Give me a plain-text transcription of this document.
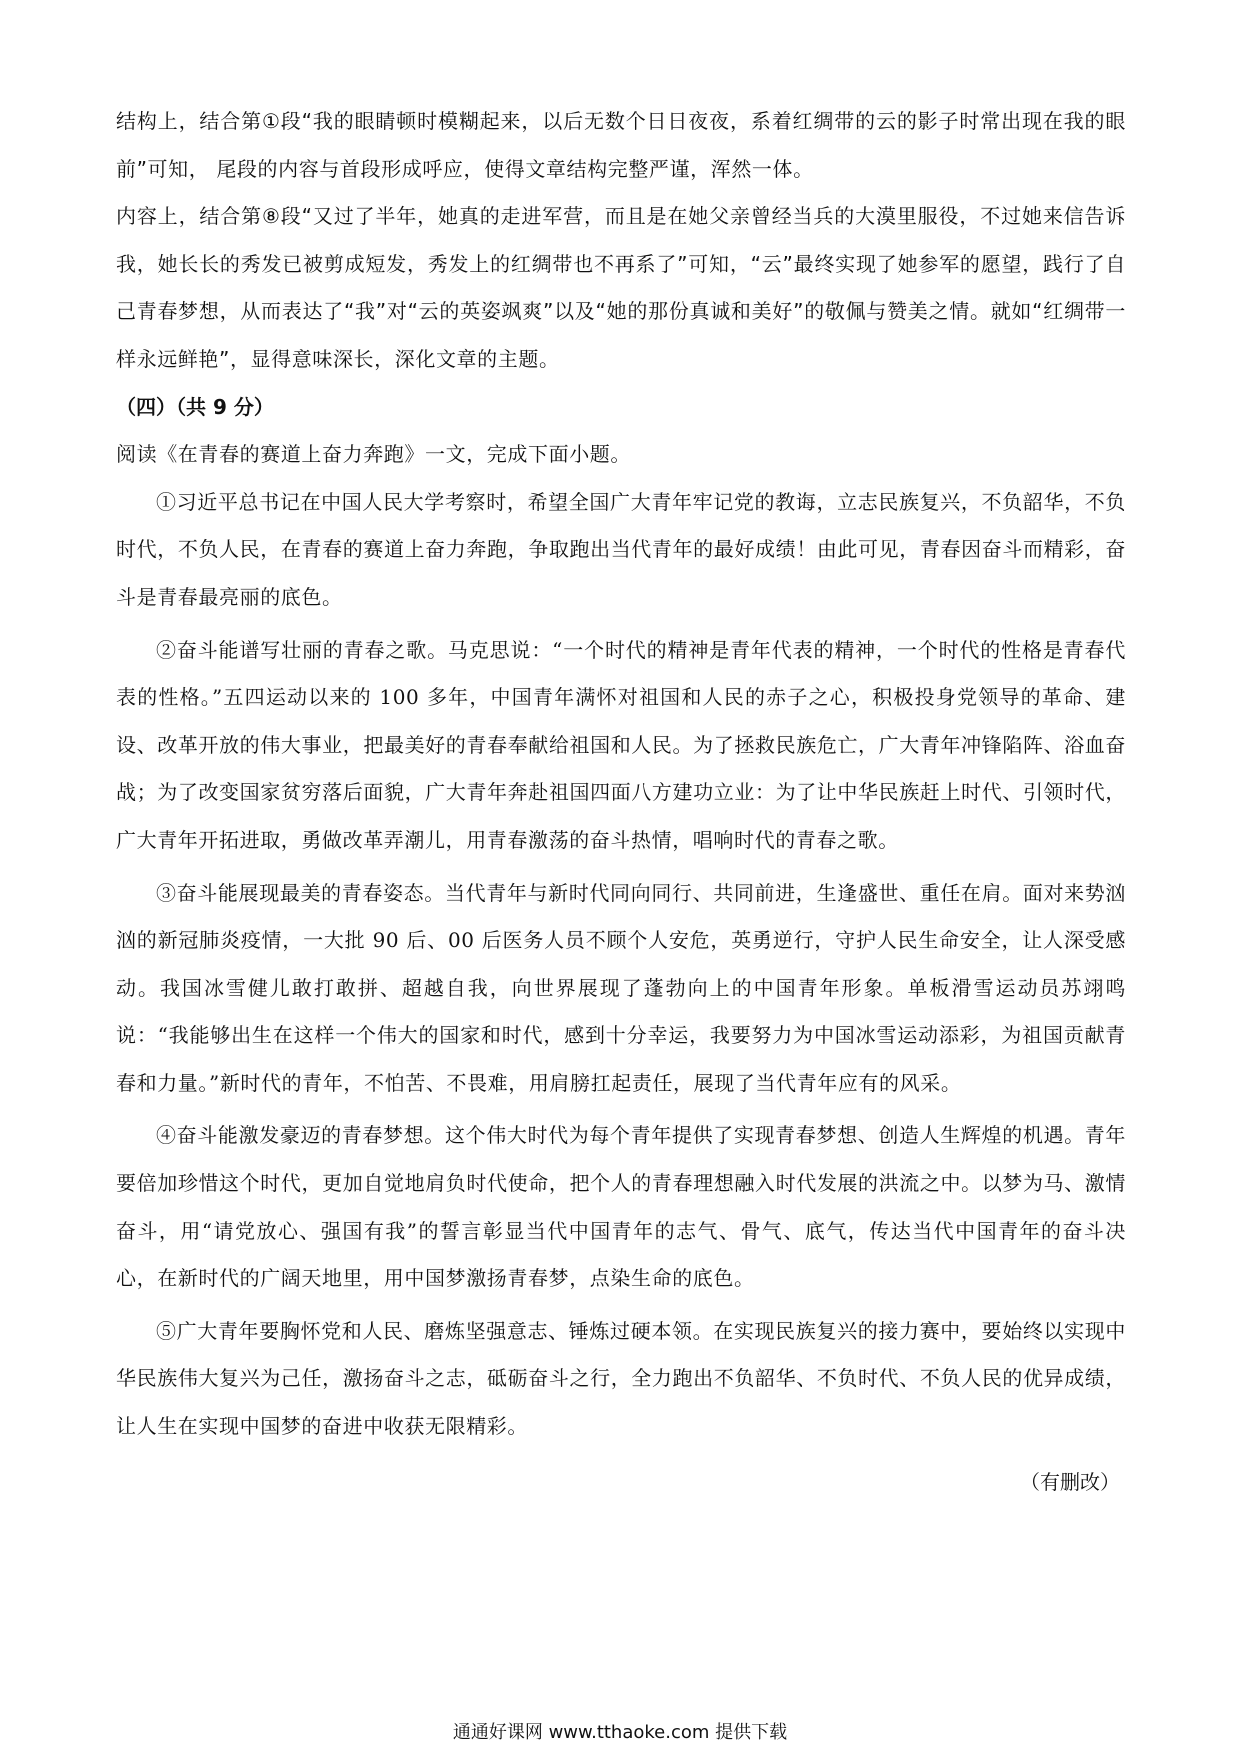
结构上，结合第①段“我的眼睛顿时模糊起来，以后无数个日日夜夜，系着红绸带的云的影子时常出现在我的眼前”可知， 尾段的内容与首段形成呼应，使得文章结构完整严谨，浑然一体。

内容上，结合第⑧段“又过了半年，她真的走进军营，而且是在她父亲曾经当兵的大漠里服役，不过她来信告诉我，她长长的秀发已被剪成短发，秀发上的红绸带也不再系了”可知，“云”最终实现了她参军的愿望，践行了自己青春梦想，从而表达了“我”对“云的英姿飒爽”以及“她的那份真诚和美好”的敬佩与赞美之情。就如“红绸带一样永远鲜艳”，显得意味深长，深化文章的主题。

（四）（共 9 分）

阅读《在青春的赛道上奋力奔跑》一文，完成下面小题。

①习近平总书记在中国人民大学考察时，希望全国广大青年牢记党的教诲，立志民族复兴，不负韶华，不负时代，不负人民，在青春的赛道上奋力奔跑，争取跑出当代青年的最好成绩！由此可见，青春因奋斗而精彩，奋斗是青春最亮丽的底色。

②奋斗能谱写壮丽的青春之歌。马克思说：“一个时代的精神是青年代表的精神，一个时代的性格是青春代表的性格。”五四运动以来的 100 多年，中国青年满怀对祖国和人民的赤子之心，积极投身党领导的革命、建设、改革开放的伟大事业，把最美好的青春奉献给祖国和人民。为了拯救民族危亡，广大青年冲锋陷阵、浴血奋战；为了改变国家贫穷落后面貌，广大青年奔赴祖国四面八方建功立业：为了让中华民族赶上时代、引领时代，广大青年开拓进取，勇做改革弄潮儿，用青春激荡的奋斗热情，唱响时代的青春之歌。

③奋斗能展现最美的青春姿态。当代青年与新时代同向同行、共同前进，生逢盛世、重任在肩。面对来势汹汹的新冠肺炎疫情，一大批 90 后、00 后医务人员不顾个人安危，英勇逆行，守护人民生命安全，让人深受感动。我国冰雪健儿敢打敢拼、超越自我，向世界展现了蓬勃向上的中国青年形象。单板滑雪运动员苏翊鸣说：“我能够出生在这样一个伟大的国家和时代，感到十分幸运，我要努力为中国冰雪运动添彩，为祖国贡献青春和力量。”新时代的青年，不怕苦、不畏难，用肩膀扛起责任，展现了当代青年应有的风采。

④奋斗能激发豪迈的青春梦想。这个伟大时代为每个青年提供了实现青春梦想、创造人生辉煌的机遇。青年要倍加珍惜这个时代，更加自觉地肩负时代使命，把个人的青春理想融入时代发展的洪流之中。以梦为马、激情奋斗，用“请党放心、强国有我”的誓言彰显当代中国青年的志气、骨气、底气，传达当代中国青年的奋斗决心，在新时代的广阔天地里，用中国梦激扬青春梦，点染生命的底色。

⑤广大青年要胸怀党和人民、磨炼坚强意志、锤炼过硬本领。在实现民族复兴的接力赛中，要始终以实现中华民族伟大复兴为己任，激扬奋斗之志，砥砺奋斗之行，全力跑出不负韶华、不负时代、不负人民的优异成绩，让人生在实现中国梦的奋进中收获无限精彩。

（有删改）

通通好课网 www.tthaoke.com 提供下载
